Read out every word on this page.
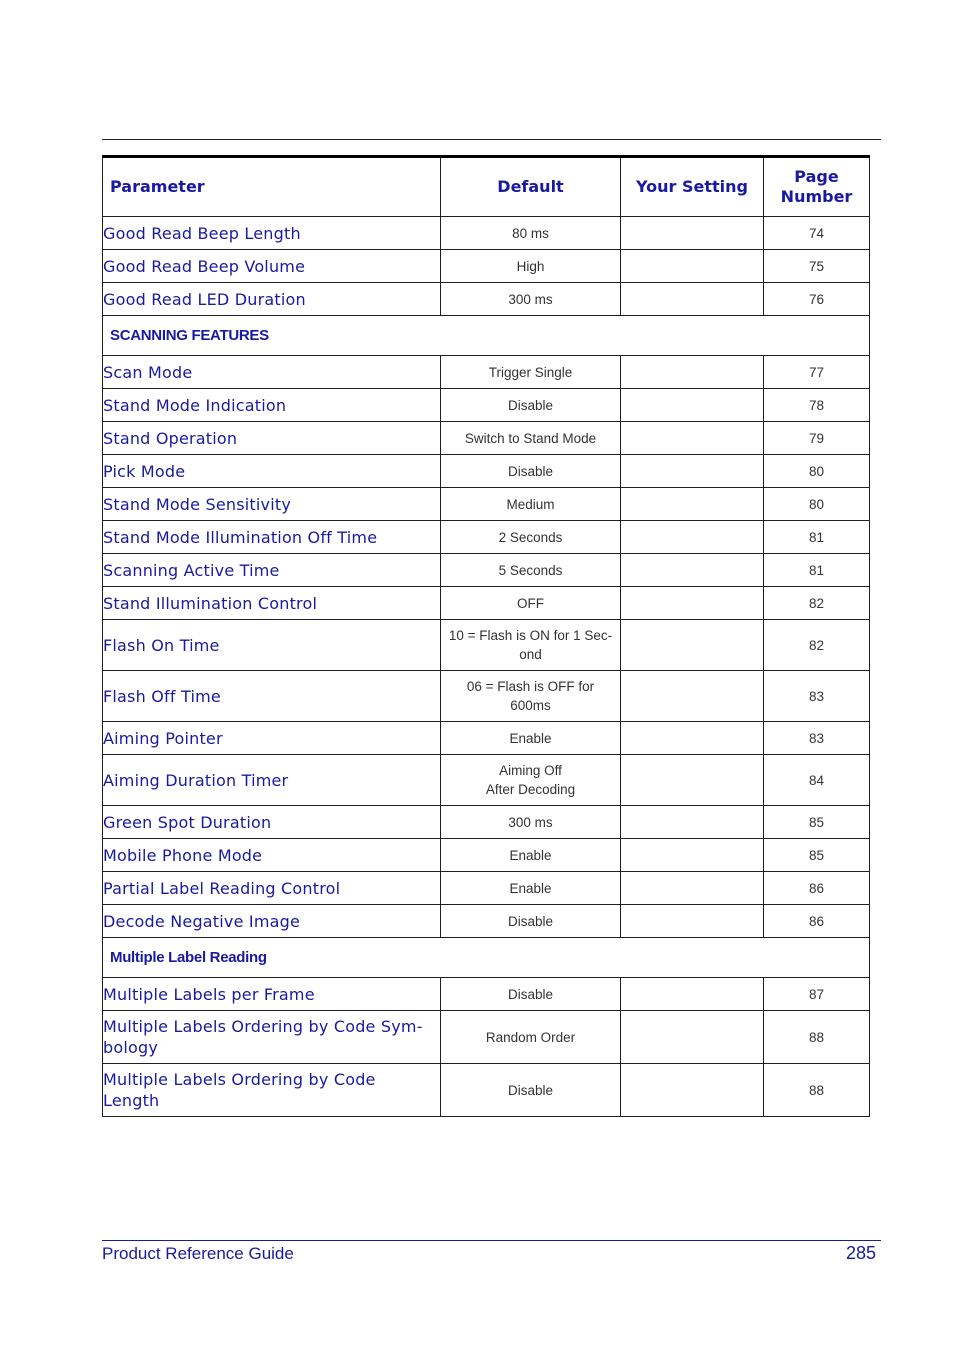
Parameter	Default	Your Setting	Page
Number
Good Read Beep Length	80 ms		74
Good Read Beep Volume	High		75
Good Read LED Duration	300 ms		76
SCANNING FEATURES			
Scan Mode	Trigger Single		77
Stand Mode Indication	Disable		78
Stand Operation	Switch to Stand Mode		79
Pick Mode	Disable		80
Stand Mode Sensitivity	Medium		80
Stand Mode Illumination Off Time	2 Seconds		81
Scanning Active Time	5 Seconds		81
Stand Illumination Control	OFF		82
Flash On Time	10 = Flash is ON for 1 Sec-
ond		82
Flash Off Time	06 = Flash is OFF for
600ms		83
Aiming Pointer	Enable		83
Aiming Duration Timer	Aiming Off
After Decoding		84
Green Spot Duration	300 ms		85
Mobile Phone Mode	Enable		85
Partial Label Reading Control	Enable		86
Decode Negative Image	Disable		86
Multiple Label Reading			
Multiple Labels per Frame	Disable		87
Multiple Labels Ordering by Code Sym-
bology	Random Order		88
Multiple Labels Ordering by Code
Length	Disable		88
Product Reference Guide	285
